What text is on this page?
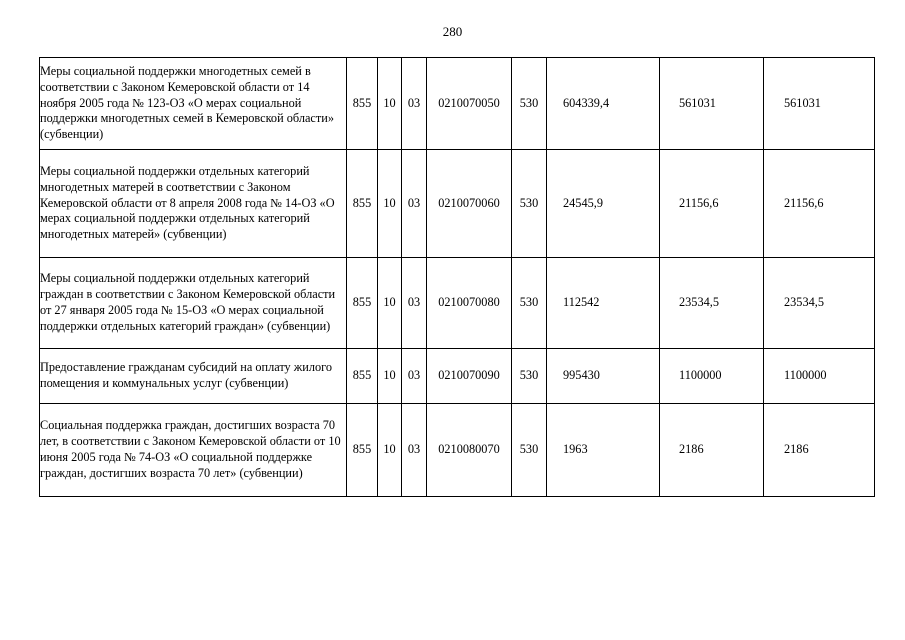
280
Меры социальной поддержки многодетных семей в соответствии с Законом Кемеровской области от 14 ноября 2005 года № 123-ОЗ «О мерах социальной поддержки многодетных семей в Кемеровской области» (субвенции)	855	10	03	0210070050	530	604339,4	561031	561031
Меры социальной поддержки отдельных категорий многодетных матерей в соответствии с Законом Кемеровской области от 8 апреля 2008 года № 14-ОЗ «О мерах социальной поддержки отдельных категорий многодетных матерей» (субвенции)	855	10	03	0210070060	530	24545,9	21156,6	21156,6
Меры социальной поддержки отдельных категорий граждан в соответствии с Законом Кемеровской области от 27 января 2005 года № 15-ОЗ «О мерах социальной поддержки отдельных категорий граждан» (субвенции)	855	10	03	0210070080	530	112542	23534,5	23534,5
Предоставление гражданам субсидий на оплату жилого помещения и коммунальных услуг (субвенции)	855	10	03	0210070090	530	995430	1100000	1100000
Социальная поддержка граждан, достигших возраста 70 лет, в соответствии с Законом Кемеровской области от 10 июня 2005 года № 74-ОЗ «О социальной поддержке граждан, достигших возраста 70 лет» (субвенции)	855	10	03	0210080070	530	1963	2186	2186
